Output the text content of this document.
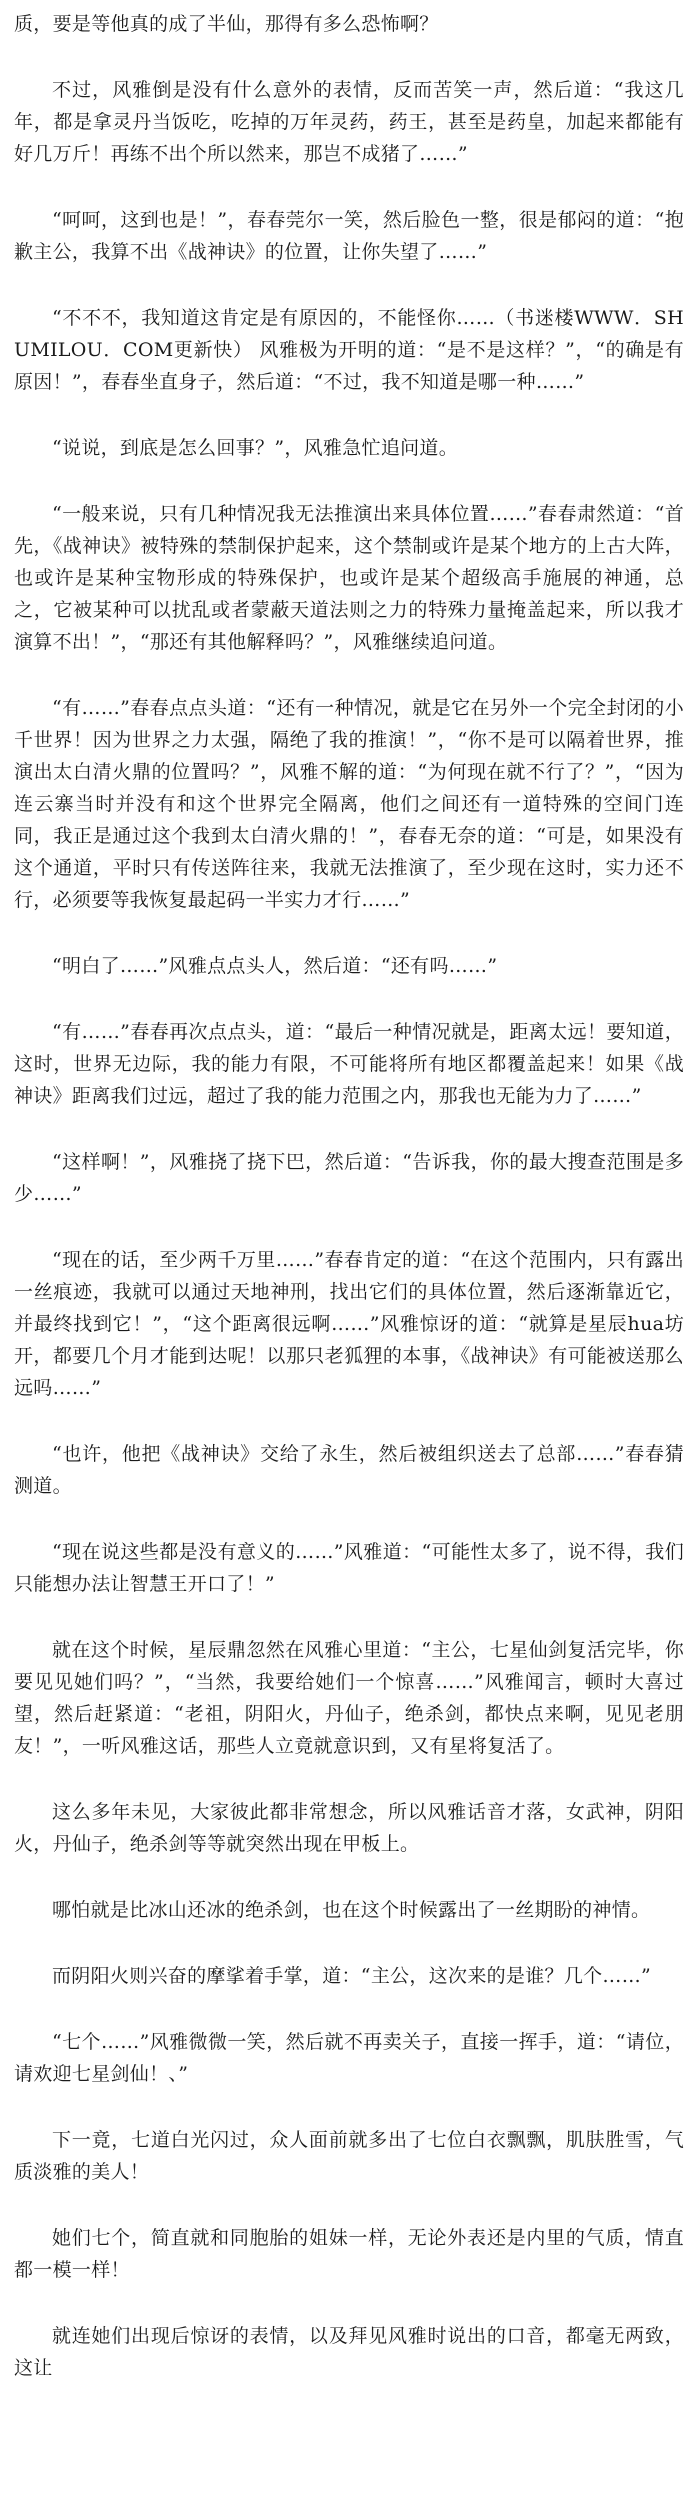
质，要是等他真的成了半仙，那得有多么恐怖啊？

不过，风雅倒是没有什么意外的表情，反而苦笑一声，然后道：“我这几年，都是拿灵丹当饭吃，吃掉的万年灵药，药王，甚至是药皇，加起来都能有好几万斤！再练不出个所以然来，那岂不成猪了……”

“呵呵，这到也是！”，春春莞尔一笑，然后脸色一整，很是郁闷的道：“抱歉主公，我算不出《战神诀》的位置，让你失望了……”

“不不不，我知道这肯定是有原因的，不能怪你……（书迷楼WWW．SHUMILOU．COM更新快） 风雅极为开明的道：“是不是这样？”，“的确是有原因！”，春春坐直身子，然后道：“不过，我不知道是哪一种……”

“说说，到底是怎么回事？”，风雅急忙追问道。

“一般来说，只有几种情况我无法推演出来具体位置……”春春肃然道：“首先，《战神诀》被特殊的禁制保护起来，这个禁制或许是某个地方的上古大阵，也或许是某种宝物形成的特殊保护，也或许是某个超级高手施展的神通，总之，它被某种可以扰乱或者蒙蔽天道法则之力的特殊力量掩盖起来，所以我才演算不出！”，“那还有其他解释吗？”，风雅继续追问道。

“有……”春春点点头道：“还有一种情况，就是它在另外一个完全封闭的小千世界！因为世界之力太强，隔绝了我的推演！”，“你不是可以隔着世界，推演出太白清火鼎的位置吗？”，风雅不解的道：“为何现在就不行了？”，“因为连云寨当时并没有和这个世界完全隔离，他们之间还有一道特殊的空间门连同，我正是通过这个我到太白清火鼎的！”，春春无奈的道：“可是，如果没有这个通道，平时只有传送阵往来，我就无法推演了，至少现在这时，实力还不行，必须要等我恢复最起码一半实力才行……”

“明白了……”风雅点点头人，然后道：“还有吗……”

“有……”春春再次点点头，道：“最后一种情况就是，距离太远！要知道，这时，世界无边际，我的能力有限，不可能将所有地区都覆盖起来！如果《战神诀》距离我们过远，超过了我的能力范围之内，那我也无能为力了……”

“这样啊！”，风雅挠了挠下巴，然后道：“告诉我，你的最大搜查范围是多少……”

“现在的话，至少两千万里……”春春肯定的道：“在这个范围内，只有露出一丝痕迹，我就可以通过天地神刑，找出它们的具体位置，然后逐渐靠近它，并最终找到它！”，“这个距离很远啊……”风雅惊讶的道：“就算是星辰hua坊开，都要几个月才能到达呢！以那只老狐狸的本事，《战神诀》有可能被送那么远吗……”

“也许，他把《战神诀》交给了永生，然后被组织送去了总部……”春春猜测道。

“现在说这些都是没有意义的……”风雅道：“可能性太多了，说不得，我们只能想办法让智慧王开口了！”

就在这个时候，星辰鼎忽然在风雅心里道：“主公，七星仙剑复活完毕，你要见见她们吗？”，“当然，我要给她们一个惊喜……”风雅闻言，顿时大喜过望，然后赶紧道：“老祖，阴阳火，丹仙子，绝杀剑，都快点来啊，见见老朋友！”，一听风雅这话，那些人立竟就意识到，又有星将复活了。

这么多年未见，大家彼此都非常想念，所以风雅话音才落，女武神，阴阳火，丹仙子，绝杀剑等等就突然出现在甲板上。

哪怕就是比冰山还冰的绝杀剑，也在这个时候露出了一丝期盼的神情。

而阴阳火则兴奋的摩挲着手掌，道：“主公，这次来的是谁？几个……”

“七个……”风雅微微一笑，然后就不再卖关子，直接一挥手，道：“请位，请欢迎七星剑仙！、”

下一竟，七道白光闪过，众人面前就多出了七位白衣飘飘，肌肤胜雪，气质淡雅的美人！

她们七个，简直就和同胞胎的姐妹一样，无论外表还是内里的气质，情直都一模一样！

就连她们出现后惊讶的表情，以及拜见风雅时说出的口音，都毫无两致，这让
